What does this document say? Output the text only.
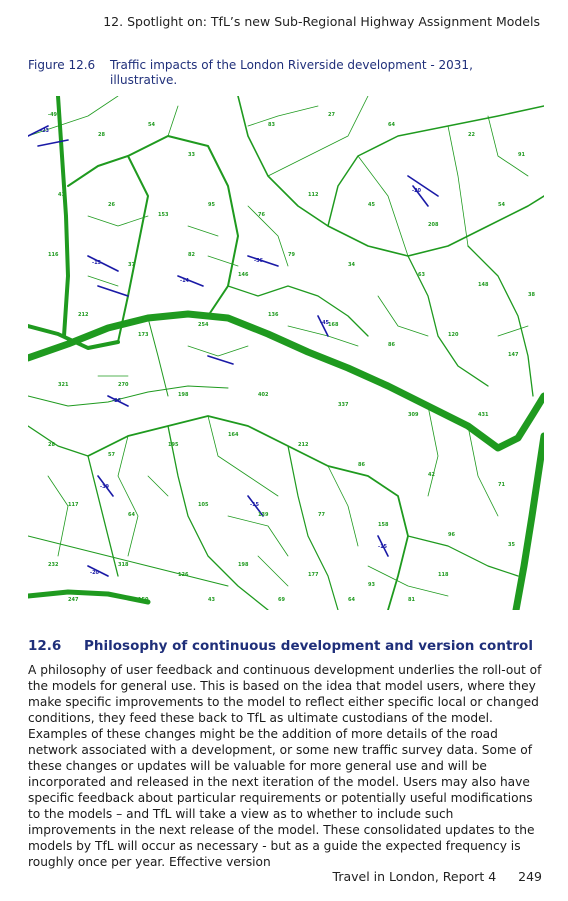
12. Spotlight on: TfL’s new Sub-Regional Highway Assignment Models
Figure 12.6 Traffic impacts of the London Riverside development - 2031, illustrative.
-492854338327642291 412615395761124520854 116378214679346314838 21217325413616886120147 321	270198	402337309	431 2857195164212864271 11764105139	771589635 232	31812619817793118 247	150	43	69	64	81
-23-15-14-56-20 -45 -26-15-15-39 -20
12.6 Philosophy of continuous development and version control
A philosophy of user feedback and continuous development underlies the roll-out of the models for general use. This is based on the idea that model users, where they make specific improvements to the model to reflect either specific local or changed conditions, they feed these back to TfL as ultimate custodians of the model. Examples of these changes might be the addition of more details of the road network associated with a development, or some new traffic survey data. Some of these changes or updates will be valuable for more general use and will be incorporated and released in the next iteration of the model. Users may also have specific feedback about particular requirements or potentially useful modifications to the models – and TfL will take a view as to whether to include such improvements in the next release of the model. These consolidated updates to the models by TfL will occur as necessary - but as a guide the expected frequency is roughly once per year. Effective version
Travel in London, Report 4 249
